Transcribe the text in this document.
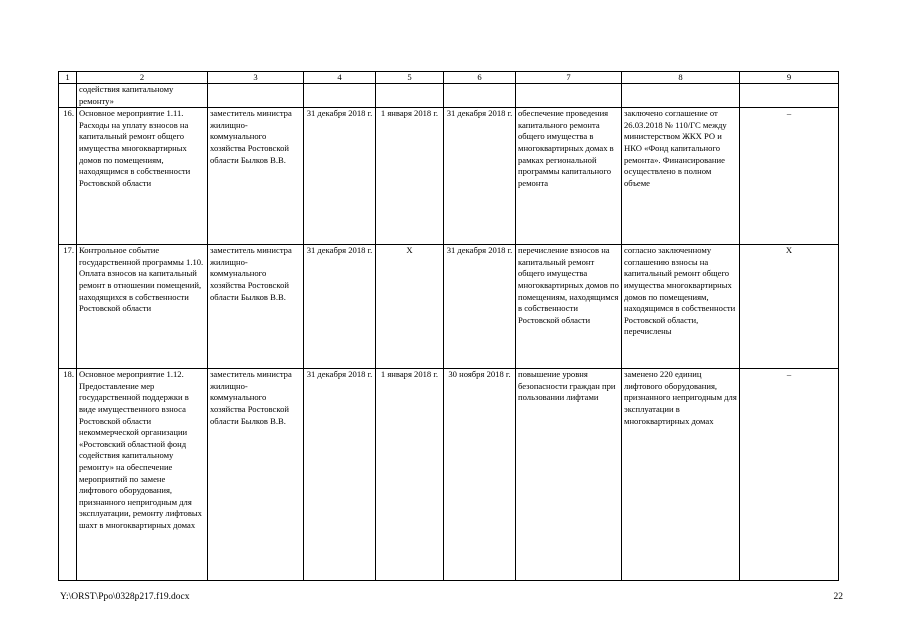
1	2	3	4	5	6	7	8	9
	содействия капитальному ремонту»							
16.	Основное мероприятие 1.11. Расходы на уплату взносов на капитальный ремонт общего имущества многоквартирных домов по помещениям, находящимся в собственности Ростовской области	заместитель министра жилищно-коммунального хозяйства Ростовской области Былков В.В.	31 декабря 2018 г.	1 января 2018 г.	31 декабря 2018 г.	обеспечение проведения капитального ремонта общего имущества в многоквартирных домах в рамках региональной программы капитального ремонта	заключено соглашение от 26.03.2018 № 110/ГС между министерством ЖКХ РО и НКО «Фонд капитального ремонта». Финансирование осуществлено в полном объеме	–
17.	Контрольное событие государственной программы 1.10. Оплата взносов на капитальный ремонт в отношении помещений, находящихся в собственности Ростовской области	заместитель министра жилищно-коммунального хозяйства Ростовской области Былков В.В.	31 декабря 2018 г.	Х	31 декабря 2018 г.	перечисление взносов на капитальный ремонт общего имущества многоквартирных домов по помещениям, находящимся в собственности Ростовской области	согласно заключенному соглашению взносы на капитальный ремонт общего имущества многоквартирных домов по помещениям, находящимся в собственности Ростовской области, перечислены	Х
18.	Основное мероприятие 1.12. Предоставление мер государственной поддержки в виде имущественного взноса Ростовской области некоммерческой организации «Ростовский областной фонд содействия капитальному ремонту» на обеспечение мероприятий по замене лифтового оборудования, признанного непригодным для эксплуатации, ремонту лифтовых шахт в многоквартирных домах	заместитель министра жилищно-коммунального хозяйства Ростовской области Былков В.В.	31 декабря 2018 г.	1 января 2018 г.	30 ноября 2018 г.	повышение уровня безопасности граждан при пользовании лифтами	заменено 220 единиц лифтового оборудования, признанного непригодным для эксплуатации в многоквартирных домах	–
Y:\ORST\Ppo\0328p217.f19.docx	22
